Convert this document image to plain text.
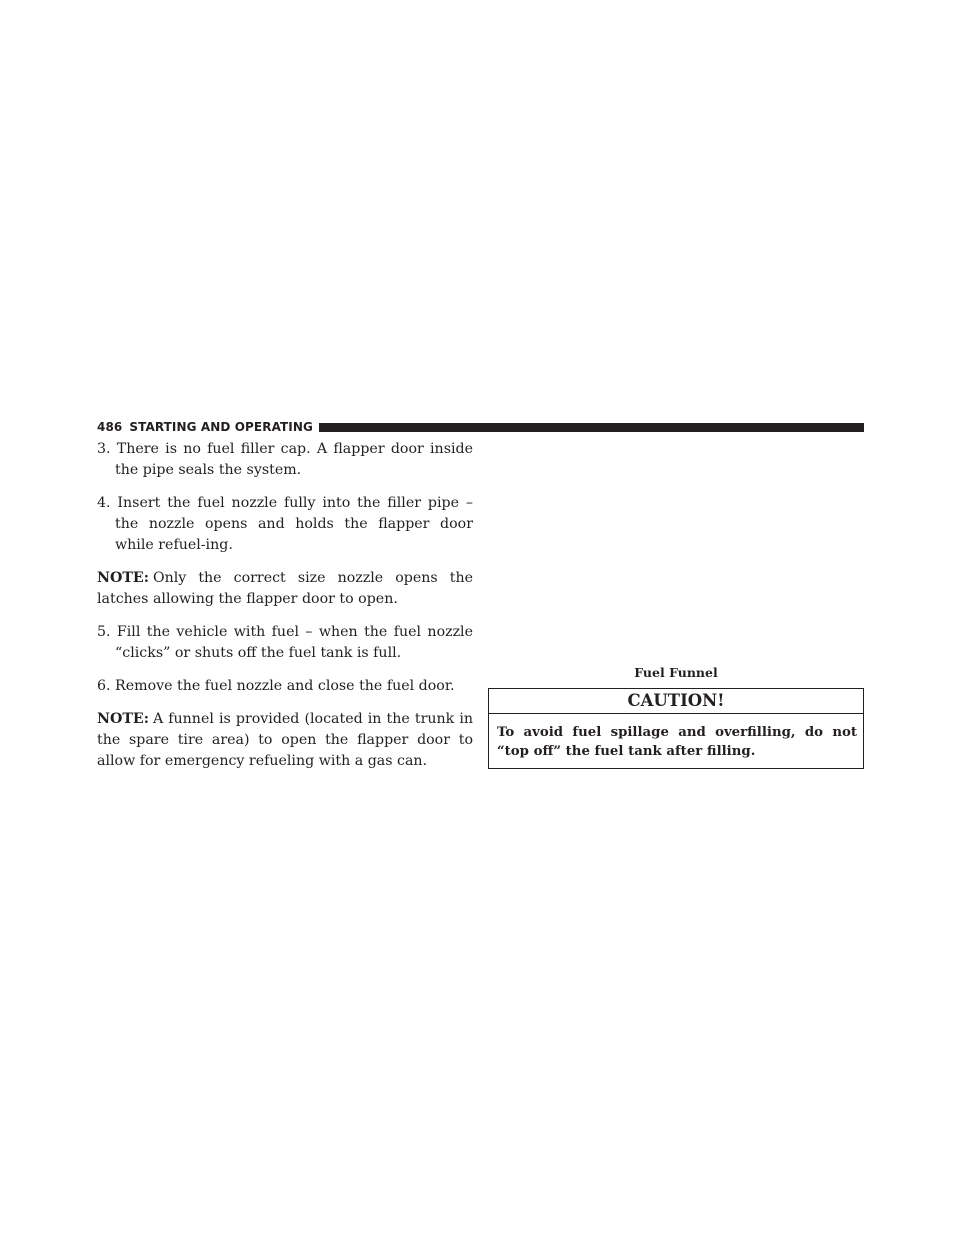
486 STARTING AND OPERATING

3. There is no fuel filler cap. A flapper door inside the pipe seals the system.

4. Insert the fuel nozzle fully into the filler pipe – the nozzle opens and holds the flapper door while refuel-ing.

NOTE: Only the correct size nozzle opens the latches allowing the flapper door to open.

5. Fill the vehicle with fuel – when the fuel nozzle “clicks” or shuts off the fuel tank is full.

6. Remove the fuel nozzle and close the fuel door.

NOTE: A funnel is provided (located in the trunk in the spare tire area) to open the flapper door to allow for emergency refueling with a gas can.

Fuel Funnel
CAUTION!
To avoid fuel spillage and overfilling, do not “top off” the fuel tank after filling.
